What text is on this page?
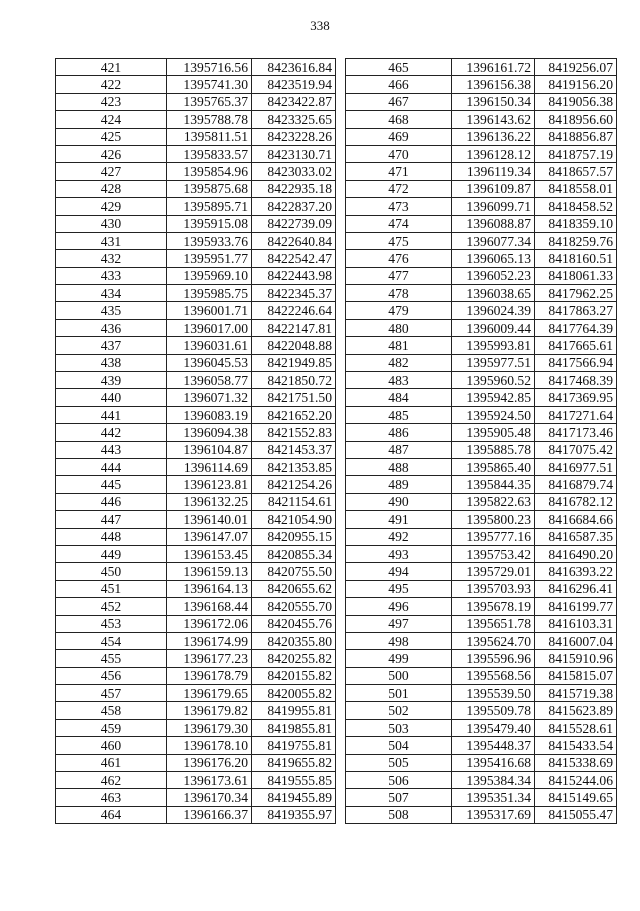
338
421	1395716.56	8423616.84
422	1395741.30	8423519.94
423	1395765.37	8423422.87
424	1395788.78	8423325.65
425	1395811.51	8423228.26
426	1395833.57	8423130.71
427	1395854.96	8423033.02
428	1395875.68	8422935.18
429	1395895.71	8422837.20
430	1395915.08	8422739.09
431	1395933.76	8422640.84
432	1395951.77	8422542.47
433	1395969.10	8422443.98
434	1395985.75	8422345.37
435	1396001.71	8422246.64
436	1396017.00	8422147.81
437	1396031.61	8422048.88
438	1396045.53	8421949.85
439	1396058.77	8421850.72
440	1396071.32	8421751.50
441	1396083.19	8421652.20
442	1396094.38	8421552.83
443	1396104.87	8421453.37
444	1396114.69	8421353.85
445	1396123.81	8421254.26
446	1396132.25	8421154.61
447	1396140.01	8421054.90
448	1396147.07	8420955.15
449	1396153.45	8420855.34
450	1396159.13	8420755.50
451	1396164.13	8420655.62
452	1396168.44	8420555.70
453	1396172.06	8420455.76
454	1396174.99	8420355.80
455	1396177.23	8420255.82
456	1396178.79	8420155.82
457	1396179.65	8420055.82
458	1396179.82	8419955.81
459	1396179.30	8419855.81
460	1396178.10	8419755.81
461	1396176.20	8419655.82
462	1396173.61	8419555.85
463	1396170.34	8419455.89
464	1396166.37	8419355.97
465	1396161.72	8419256.07
466	1396156.38	8419156.20
467	1396150.34	8419056.38
468	1396143.62	8418956.60
469	1396136.22	8418856.87
470	1396128.12	8418757.19
471	1396119.34	8418657.57
472	1396109.87	8418558.01
473	1396099.71	8418458.52
474	1396088.87	8418359.10
475	1396077.34	8418259.76
476	1396065.13	8418160.51
477	1396052.23	8418061.33
478	1396038.65	8417962.25
479	1396024.39	8417863.27
480	1396009.44	8417764.39
481	1395993.81	8417665.61
482	1395977.51	8417566.94
483	1395960.52	8417468.39
484	1395942.85	8417369.95
485	1395924.50	8417271.64
486	1395905.48	8417173.46
487	1395885.78	8417075.42
488	1395865.40	8416977.51
489	1395844.35	8416879.74
490	1395822.63	8416782.12
491	1395800.23	8416684.66
492	1395777.16	8416587.35
493	1395753.42	8416490.20
494	1395729.01	8416393.22
495	1395703.93	8416296.41
496	1395678.19	8416199.77
497	1395651.78	8416103.31
498	1395624.70	8416007.04
499	1395596.96	8415910.96
500	1395568.56	8415815.07
501	1395539.50	8415719.38
502	1395509.78	8415623.89
503	1395479.40	8415528.61
504	1395448.37	8415433.54
505	1395416.68	8415338.69
506	1395384.34	8415244.06
507	1395351.34	8415149.65
508	1395317.69	8415055.47
